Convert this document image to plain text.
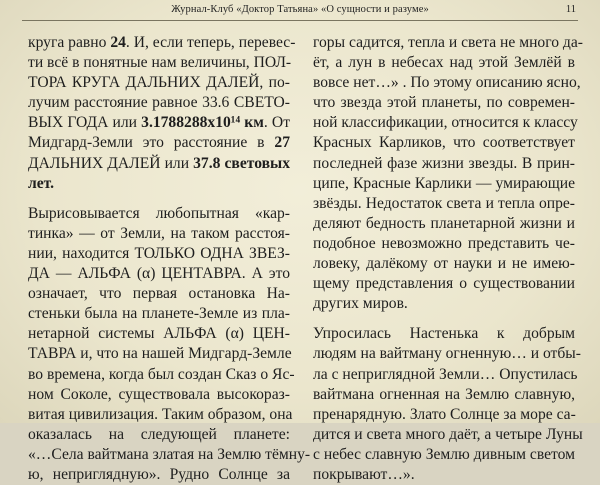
Журнал-Клуб «Доктор Татьяна» «О сущности и разуме»	11
круга равно 24. И, если теперь, перевес-
ти всё в понятные нам величины, ПОЛ-
ТОРА КРУГА ДАЛЬНИХ ДАЛЕЙ, по-
лучим расстояние равное 33.6 СВЕТО-
ВЫХ ГОДА или 3.1788288х10¹⁴ км. От
Мидгард-Земли это расстояние в 27
ДАЛЬНИХ ДАЛЕЙ или 37.8 световых
лет.
Вырисовывается любопытная «кар-
тинка» — от Земли, на таком расстоя-
нии, находится ТОЛЬКО ОДНА ЗВЕЗ-
ДА — АЛЬФА (α) ЦЕНТАВРА. А это
означает, что первая остановка На-
стеньки была на планете-Земле из пла-
нетарной системы АЛЬФА (α) ЦЕН-
ТАВРА и, что на нашей Мидгард-Земле
во времена, когда был создан Сказ о Яс-
ном Соколе, существовала высокораз-
витая цивилизация. Таким образом, она
оказалась на следующей планете:
«…Села вайтмана златая на Землю тёмну-
ю, неприглядную». Рудно Солнце за
горы садится, тепла и света не много да-
ёт, а лун в небесах над этой Землёй в
вовсе нет…» . По этому описанию ясно,
что звезда этой планеты, по современ-
ной классификации, относится к классу
Красных Карликов, что соответствует
последней фазе жизни звезды. В прин-
ципе, Красные Карлики — умирающие
звёзды. Недостаток света и тепла опре-
деляют бедность планетарной жизни и
подобное невозможно представить че-
ловеку, далёкому от науки и не имею-
щему представления о существовании
других миров.
Упросилась Настенька к добрым
людям на вайтману огненную… и отбы-
ла с неприглядной Земли… Опустилась
вайтмана огненная на Землю славную,
пренарядную. Злато Солнце за море са-
дится и света много даёт, а четыре Луны
с небес славную Землю дивным светом
покрывают…».
